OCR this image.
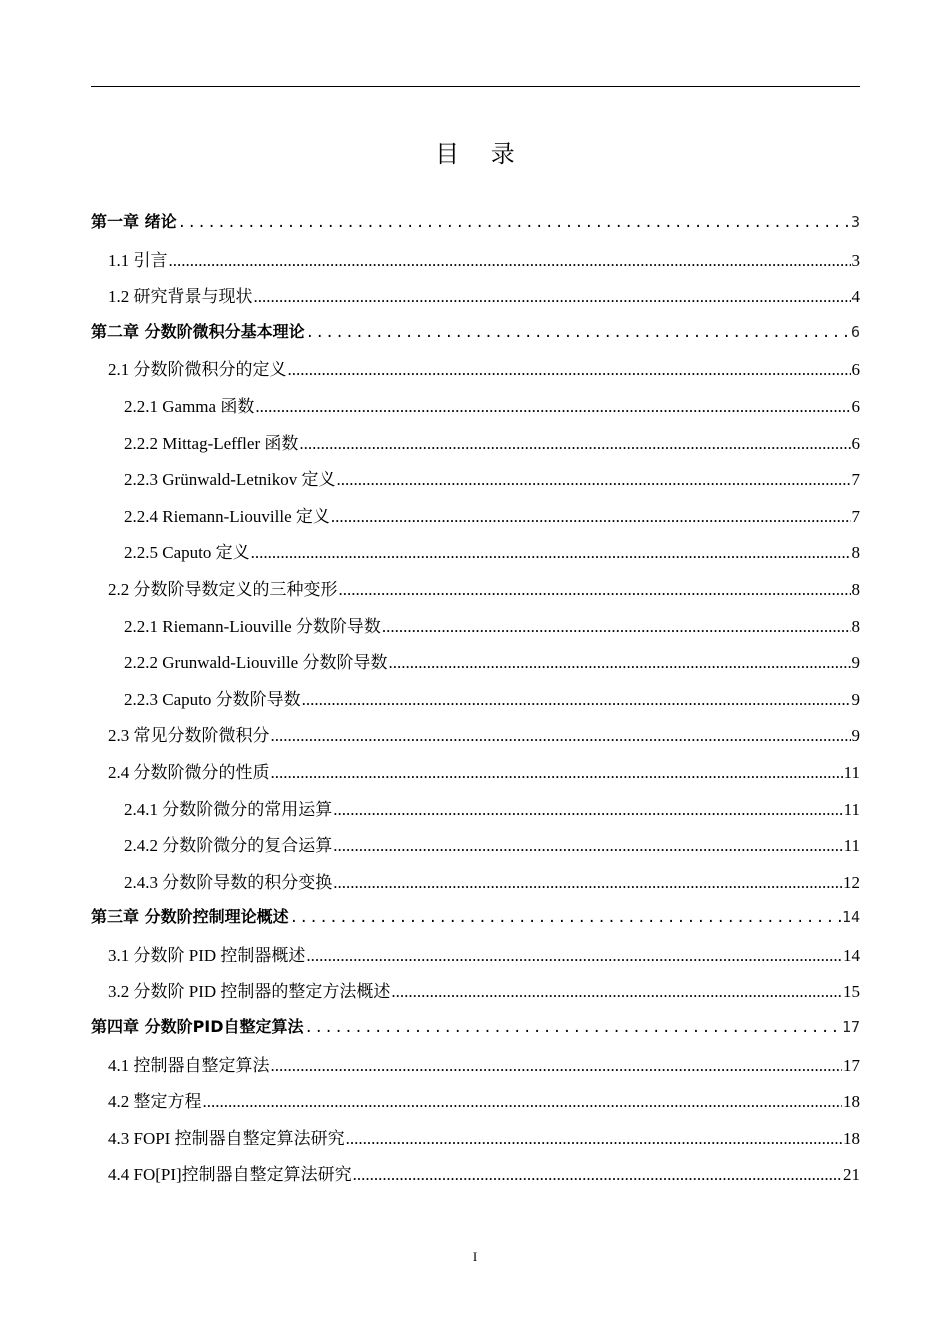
目 录
第一章 绪论 .....	3
1.1 引言 .....	3
1.2 研究背景与现状 .....	4
第二章 分数阶微积分基本理论 .....	6
2.1 分数阶微积分的定义 .....	6
2.2.1 Gamma 函数 .....	6
2.2.2 Mittag-Leffler 函数 .....	6
2.2.3 Grünwald-Letnikov 定义 .....	7
2.2.4 Riemann-Liouville 定义 .....	7
2.2.5 Caputo 定义 .....	8
2.2 分数阶导数定义的三种变形 .....	8
2.2.1 Riemann-Liouville 分数阶导数 .....	8
2.2.2 Grunwald-Liouville 分数阶导数 .....	9
2.2.3 Caputo 分数阶导数 .....	9
2.3 常见分数阶微积分 .....	9
2.4 分数阶微分的性质 .....	11
2.4.1 分数阶微分的常用运算 .....	11
2.4.2 分数阶微分的复合运算 .....	11
2.4.3 分数阶导数的积分变换 .....	12
第三章 分数阶控制理论概述 .....	14
3.1 分数阶 PID 控制器概述 .....	14
3.2 分数阶 PID 控制器的整定方法概述 .....	15
第四章 分数阶PID自整定算法 .....	17
4.1 控制器自整定算法 .....	17
4.2 整定方程 .....	18
4.3 FOPI 控制器自整定算法研究 .....	18
4.4 FO[PI]控制器自整定算法研究 .....	21
I
